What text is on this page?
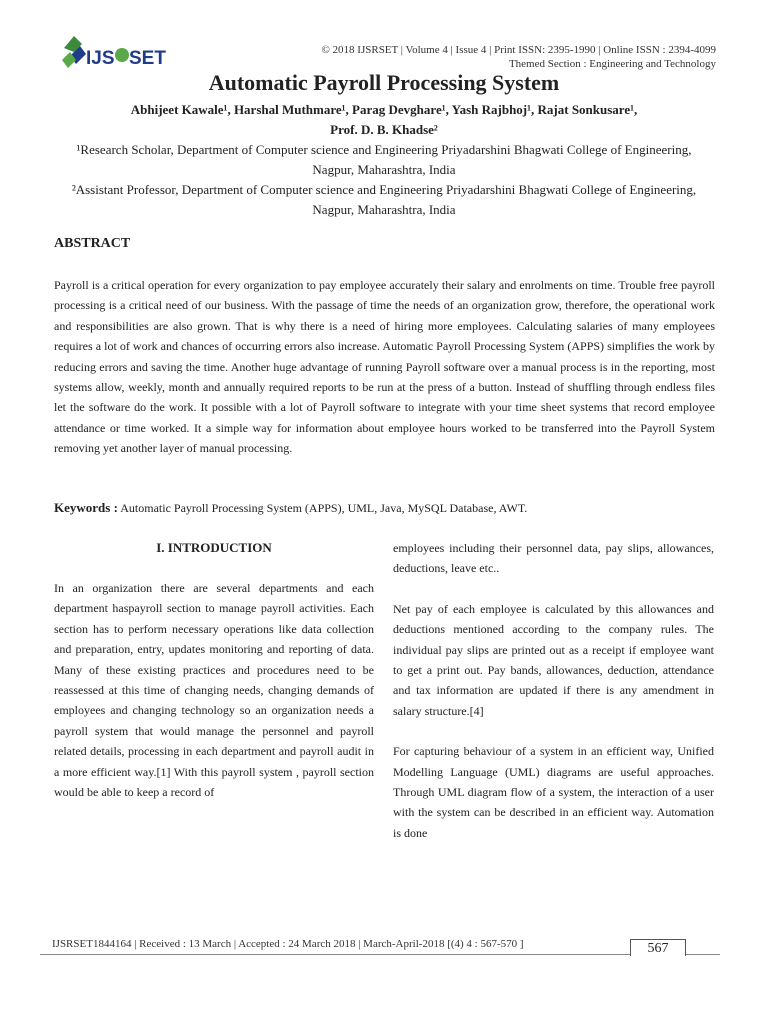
IJS SET	© 2018 IJSRSET | Volume 4 | Issue 4 | Print ISSN: 2395-1990 | Online ISSN : 2394-4099
Themed Section : Engineering and Technology
Automatic Payroll Processing System
Abhijeet Kawale¹, Harshal Muthmare¹, Parag Devghare¹, Yash Rajbhoj¹, Rajat Sonkusare¹,
Prof. D. B. Khadse²
¹Research Scholar, Department of Computer science and Engineering Priyadarshini Bhagwati College of Engineering, Nagpur, Maharashtra, India
²Assistant Professor, Department of Computer science and Engineering Priyadarshini Bhagwati College of Engineering, Nagpur, Maharashtra, India
ABSTRACT

Payroll is a critical operation for every organization to pay employee accurately their salary and enrolments on time. Trouble free payroll processing is a critical need of our business. With the passage of time the needs of an organization grow, therefore, the operational work and responsibilities are also grown. That is why there is a need of hiring more employees. Calculating salaries of many employees requires a lot of work and chances of occurring errors also increase. Automatic Payroll Processing System (APPS) simplifies the work by reducing errors and saving the time. Another huge advantage of running Payroll software over a manual process is in the reporting, most systems allow, weekly, month and annually required reports to be run at the press of a button. Instead of shuffling through endless files let the software do the work. It possible with a lot of Payroll software to integrate with your time sheet systems that record employee attendance or time worked. It a simple way for information about employee hours worked to be transferred into the Payroll System removing yet another layer of manual processing.

Keywords : Automatic Payroll Processing System (APPS), UML, Java, MySQL Database, AWT.
I. INTRODUCTION

In an organization there are several departments and each department haspayroll section to manage payroll activities. Each section has to perform necessary operations like data collection and preparation, entry, updates monitoring and reporting of data. Many of these existing practices and procedures need to be reassessed at this time of changing needs, changing demands of employees and changing technology so an organization needs a payroll system that would manage the personnel and payroll related details, processing in each department and payroll audit in a more efficient way.[1] With this payroll system , payroll section would be able to keep a record of

employees including their personnel data, pay slips, allowances, deductions, leave etc..

Net pay of each employee is calculated by this allowances and deductions mentioned according to the company rules. The individual pay slips are printed out as a receipt if employee want to get a print out. Pay bands, allowances, deduction, attendance and tax information are updated if there is any amendment in salary structure.[4]

For capturing behaviour of a system in an efficient way, Unified Modelling Language (UML) diagrams are useful approaches. Through UML diagram flow of a system, the interaction of a user with the system can be described in an efficient way. Automation is done

IJSRSET1844164 | Received : 13 March | Accepted : 24 March 2018 | March-April-2018 [(4) 4 : 567-570 ]	567
